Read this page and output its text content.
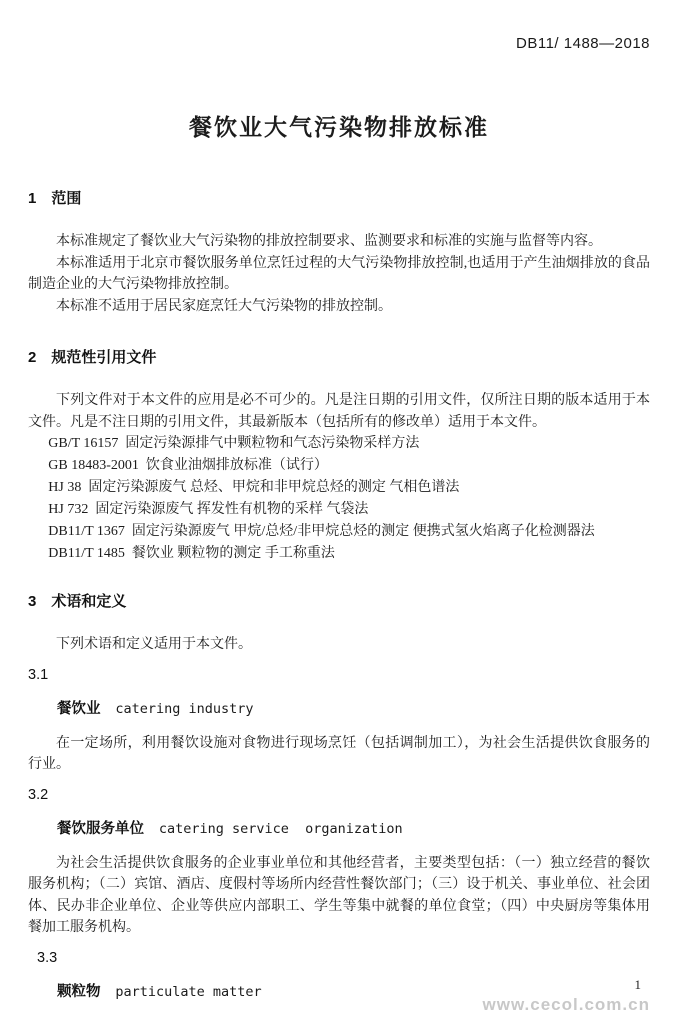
DB11/ 1488—2018
餐饮业大气污染物排放标准
1 范围

本标准规定了餐饮业大气污染物的排放控制要求、监测要求和标准的实施与监督等内容。

本标准适用于北京市餐饮服务单位烹饪过程的大气污染物排放控制,也适用于产生油烟排放的食品制造企业的大气污染物排放控制。

本标准不适用于居民家庭烹饪大气污染物的排放控制。

2 规范性引用文件

下列文件对于本文件的应用是必不可少的。凡是注日期的引用文件，仅所注日期的版本适用于本文件。凡是不注日期的引用文件，其最新版本（包括所有的修改单）适用于本文件。

GB/T 16157  固定污染源排气中颗粒物和气态污染物采样方法

GB 18483-2001  饮食业油烟排放标准（试行）

HJ 38  固定污染源废气 总烃、甲烷和非甲烷总烃的测定 气相色谱法

HJ 732  固定污染源废气 挥发性有机物的采样 气袋法

DB11/T 1367  固定污染源废气 甲烷/总烃/非甲烷总烃的测定 便携式氢火焰离子化检测器法

DB11/T 1485  餐饮业 颗粒物的测定 手工称重法

3 术语和定义

下列术语和定义适用于本文件。

3.1

餐饮业 catering industry

在一定场所，利用餐饮设施对食物进行现场烹饪（包括调制加工），为社会生活提供饮食服务的行业。

3.2

餐饮服务单位 catering service  organization

为社会生活提供饮食服务的企业事业单位和其他经营者，主要类型包括：（一）独立经营的餐饮服务机构；（二）宾馆、酒店、度假村等场所内经营性餐饮部门；（三）设于机关、事业单位、社会团体、民办非企业单位、企业等供应内部职工、学生等集中就餐的单位食堂；（四）中央厨房等集体用餐加工服务机构。

3.3

颗粒物 particulate matter	1
www.cecol.com.cn
